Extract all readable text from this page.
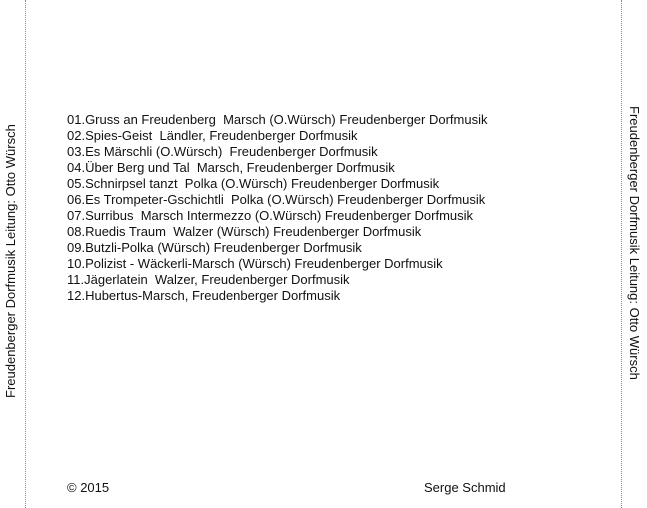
Freudenberger Dorfmusik Leitung: Otto Würsch	Freudenberger Dorfmusik Leitung: Otto Würsch
01.Gruss an Freudenberg  Marsch (O.Würsch) Freudenberger Dorfmusik
02.Spies-Geist  Ländler, Freudenberger Dorfmusik
03.Es Märschli (O.Würsch)  Freudenberger Dorfmusik
04.Über Berg und Tal  Marsch, Freudenberger Dorfmusik
05.Schnirpsel tanzt  Polka (O.Würsch) Freudenberger Dorfmusik
06.Es Trompeter-Gschichtli  Polka (O.Würsch) Freudenberger Dorfmusik
07.Surribus  Marsch Intermezzo (O.Würsch) Freudenberger Dorfmusik
08.Ruedis Traum  Walzer (Würsch) Freudenberger Dorfmusik
09.Butzli-Polka (Würsch) Freudenberger Dorfmusik
10.Polizist - Wäckerli-Marsch (Würsch) Freudenberger Dorfmusik
11.Jägerlatein  Walzer, Freudenberger Dorfmusik
12.Hubertus-Marsch, Freudenberger Dorfmusik
© 2015	Serge Schmid
